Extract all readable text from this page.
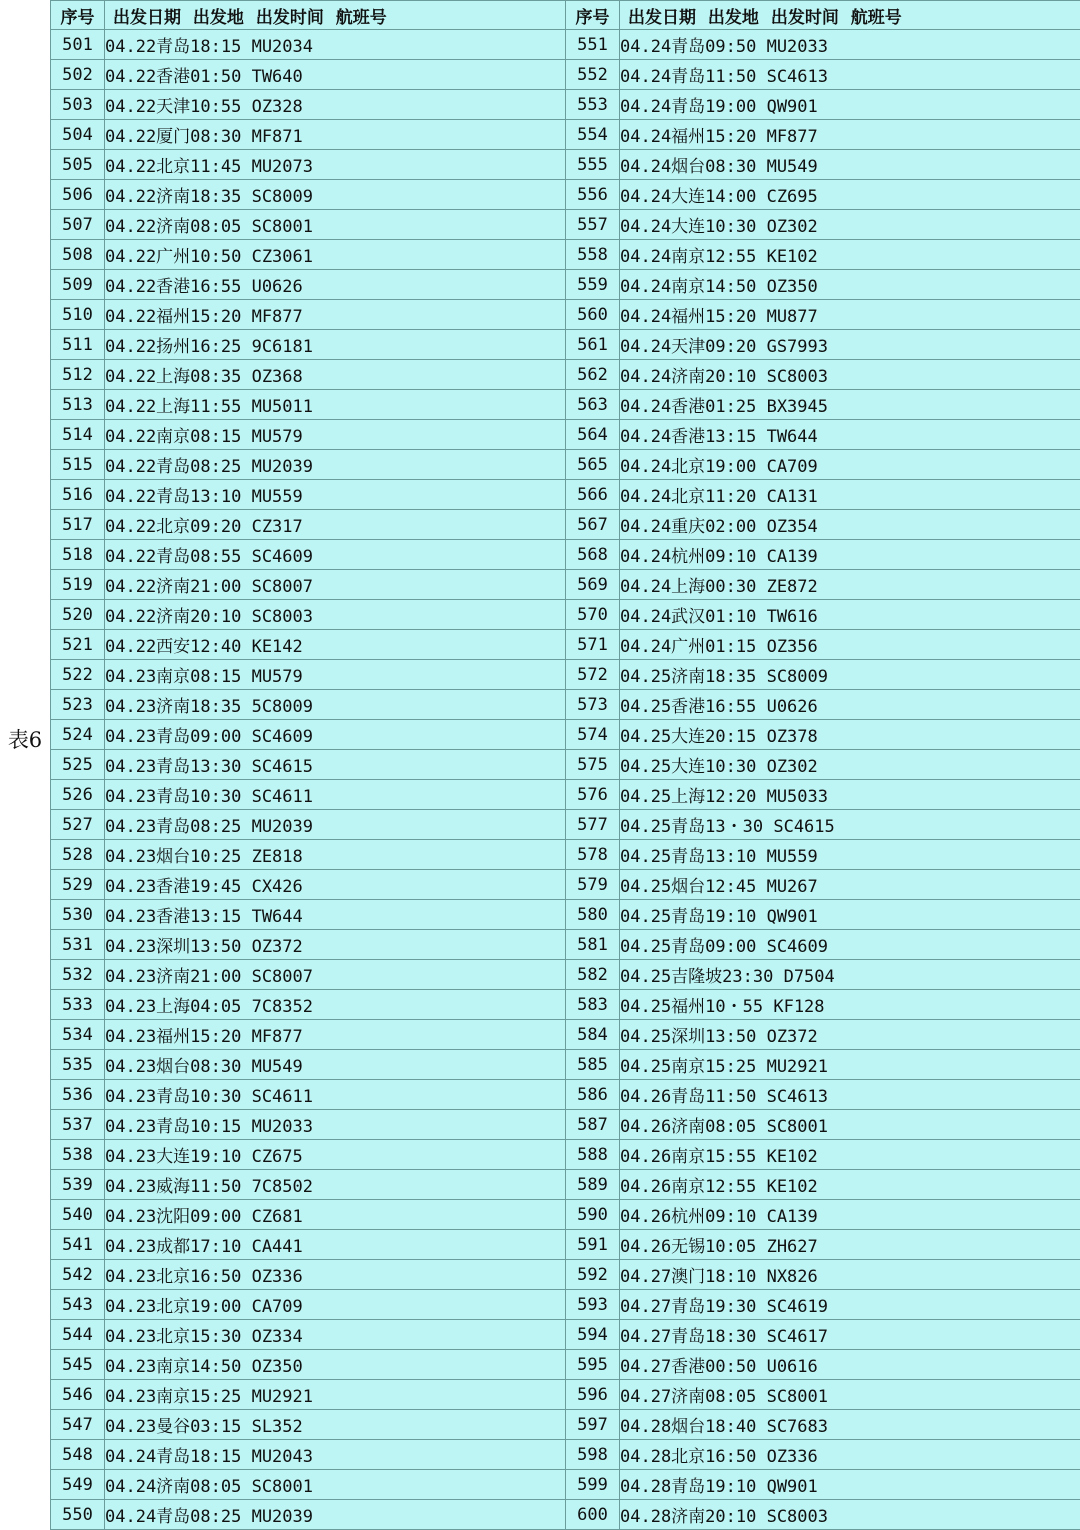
表6
序号	出发日期 出发地 出发时间 航班号	序号	出发日期 出发地 出发时间 航班号
501	04.22青岛18:15 MU2034	551	04.24青岛09:50 MU2033
502	04.22香港01:50 TW640	552	04.24青岛11:50 SC4613
503	04.22天津10:55 OZ328	553	04.24青岛19:00 QW901
504	04.22厦门08:30 MF871	554	04.24福州15:20 MF877
505	04.22北京11:45 MU2073	555	04.24烟台08:30 MU549
506	04.22济南18:35 SC8009	556	04.24大连14:00 CZ695
507	04.22济南08:05 SC8001	557	04.24大连10:30 OZ302
508	04.22广州10:50 CZ3061	558	04.24南京12:55 KE102
509	04.22香港16:55 U0626	559	04.24南京14:50 OZ350
510	04.22福州15:20 MF877	560	04.24福州15:20 MU877
511	04.22扬州16:25 9C6181	561	04.24天津09:20 GS7993
512	04.22上海08:35 OZ368	562	04.24济南20:10 SC8003
513	04.22上海11:55 MU5011	563	04.24香港01:25 BX3945
514	04.22南京08:15 MU579	564	04.24香港13:15 TW644
515	04.22青岛08:25 MU2039	565	04.24北京19:00 CA709
516	04.22青岛13:10 MU559	566	04.24北京11:20 CA131
517	04.22北京09:20 CZ317	567	04.24重庆02:00 OZ354
518	04.22青岛08:55 SC4609	568	04.24杭州09:10 CA139
519	04.22济南21:00 SC8007	569	04.24上海00:30 ZE872
520	04.22济南20:10 SC8003	570	04.24武汉01:10 TW616
521	04.22西安12:40 KE142	571	04.24广州01:15 OZ356
522	04.23南京08:15 MU579	572	04.25济南18:35 SC8009
523	04.23济南18:35 5C8009	573	04.25香港16:55 U0626
524	04.23青岛09:00 SC4609	574	04.25大连20:15 OZ378
525	04.23青岛13:30 SC4615	575	04.25大连10:30 OZ302
526	04.23青岛10:30 SC4611	576	04.25上海12:20 MU5033
527	04.23青岛08:25 MU2039	577	04.25青岛13・30 SC4615
528	04.23烟台10:25 ZE818	578	04.25青岛13:10 MU559
529	04.23香港19:45 CX426	579	04.25烟台12:45 MU267
530	04.23香港13:15 TW644	580	04.25青岛19:10 QW901
531	04.23深圳13:50 OZ372	581	04.25青岛09:00 SC4609
532	04.23济南21:00 SC8007	582	04.25吉隆坡23:30 D7504
533	04.23上海04:05 7C8352	583	04.25福州10・55 KF128
534	04.23福州15:20 MF877	584	04.25深圳13:50 OZ372
535	04.23烟台08:30 MU549	585	04.25南京15:25 MU2921
536	04.23青岛10:30 SC4611	586	04.26青岛11:50 SC4613
537	04.23青岛10:15 MU2033	587	04.26济南08:05 SC8001
538	04.23大连19:10 CZ675	588	04.26南京15:55 KE102
539	04.23威海11:50 7C8502	589	04.26南京12:55 KE102
540	04.23沈阳09:00 CZ681	590	04.26杭州09:10 CA139
541	04.23成都17:10 CA441	591	04.26无锡10:05 ZH627
542	04.23北京16:50 OZ336	592	04.27澳门18:10 NX826
543	04.23北京19:00 CA709	593	04.27青岛19:30 SC4619
544	04.23北京15:30 OZ334	594	04.27青岛18:30 SC4617
545	04.23南京14:50 OZ350	595	04.27香港00:50 U0616
546	04.23南京15:25 MU2921	596	04.27济南08:05 SC8001
547	04.23曼谷03:15 SL352	597	04.28烟台18:40 SC7683
548	04.24青岛18:15 MU2043	598	04.28北京16:50 OZ336
549	04.24济南08:05 SC8001	599	04.28青岛19:10 QW901
550	04.24青岛08:25 MU2039	600	04.28济南20:10 SC8003
